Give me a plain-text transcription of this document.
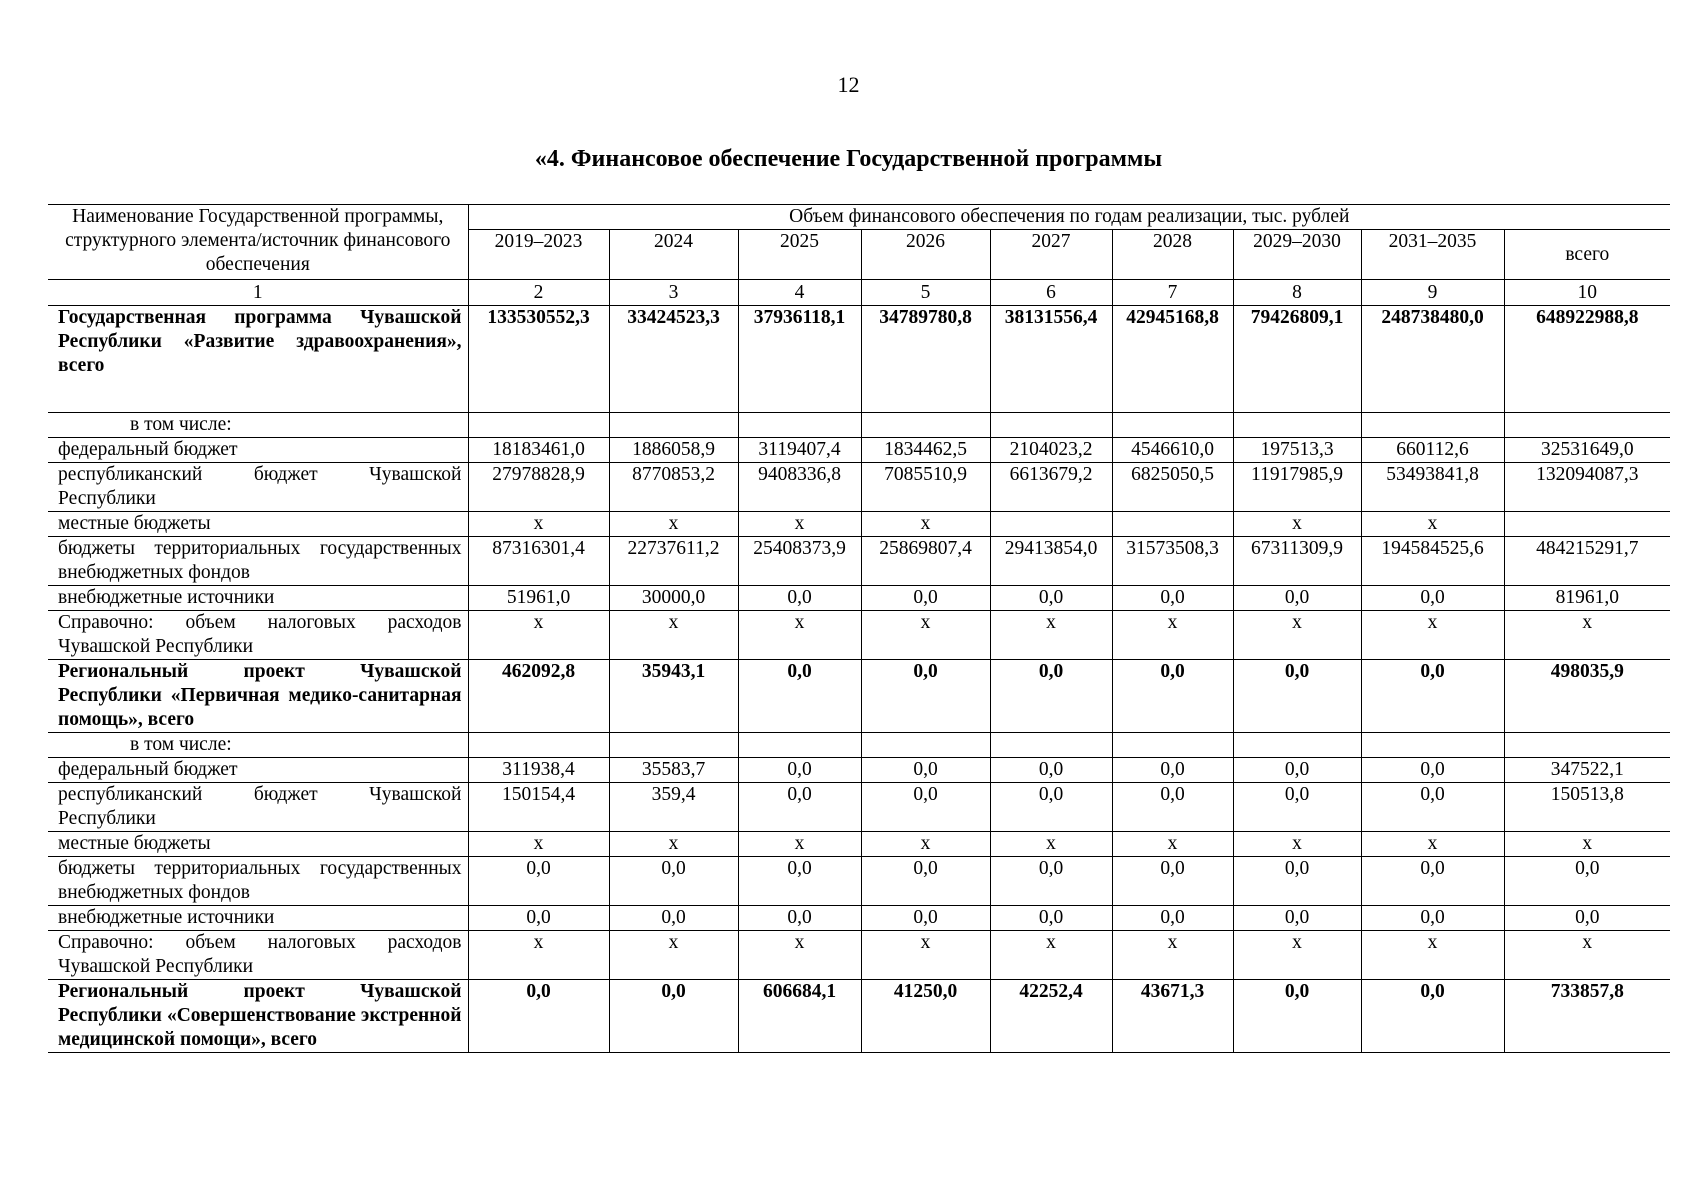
12
«4. Финансовое обеспечение Государственной программы
Наименование Государственной программы, структурного элемента/источник финансового обеспечения	Объем финансового обеспечения по годам реализации, тыс. рублей								
	2019–2023	2024	2025	2026	2027	2028	2029–2030	2031–2035	всего
1	2	3	4	5	6	7	8	9	10
Государственная программа Чувашской Республики «Развитие здравоохранения», всего	133530552,3	33424523,3	37936118,1	34789780,8	38131556,4	42945168,8	79426809,1	248738480,0	648922988,8
в том числе:									
федеральный бюджет	18183461,0	1886058,9	3119407,4	1834462,5	2104023,2	4546610,0	197513,3	660112,6	32531649,0
республиканский бюджет Чувашской Республики	27978828,9	8770853,2	9408336,8	7085510,9	6613679,2	6825050,5	11917985,9	53493841,8	132094087,3
местные бюджеты	x	x	x	x			x	x	
бюджеты территориальных государственных внебюджетных фондов	87316301,4	22737611,2	25408373,9	25869807,4	29413854,0	31573508,3	67311309,9	194584525,6	484215291,7
внебюджетные источники	51961,0	30000,0	0,0	0,0	0,0	0,0	0,0	0,0	81961,0
Справочно: объем налоговых расходов Чувашской Республики	x	x	x	x	x	x	x	x	x
Региональный проект Чувашской Республики «Первичная медико-санитарная помощь», всего	462092,8	35943,1	0,0	0,0	0,0	0,0	0,0	0,0	498035,9
в том числе:									
федеральный бюджет	311938,4	35583,7	0,0	0,0	0,0	0,0	0,0	0,0	347522,1
республиканский бюджет Чувашской Республики	150154,4	359,4	0,0	0,0	0,0	0,0	0,0	0,0	150513,8
местные бюджеты	x	x	x	x	x	x	x	x	x
бюджеты территориальных государственных внебюджетных фондов	0,0	0,0	0,0	0,0	0,0	0,0	0,0	0,0	0,0
внебюджетные источники	0,0	0,0	0,0	0,0	0,0	0,0	0,0	0,0	0,0
Справочно: объем налоговых расходов Чувашской Республики	x	x	x	x	x	x	x	x	x
Региональный проект Чувашской Республики «Совершенствование экстренной медицинской помощи», всего	0,0	0,0	606684,1	41250,0	42252,4	43671,3	0,0	0,0	733857,8
